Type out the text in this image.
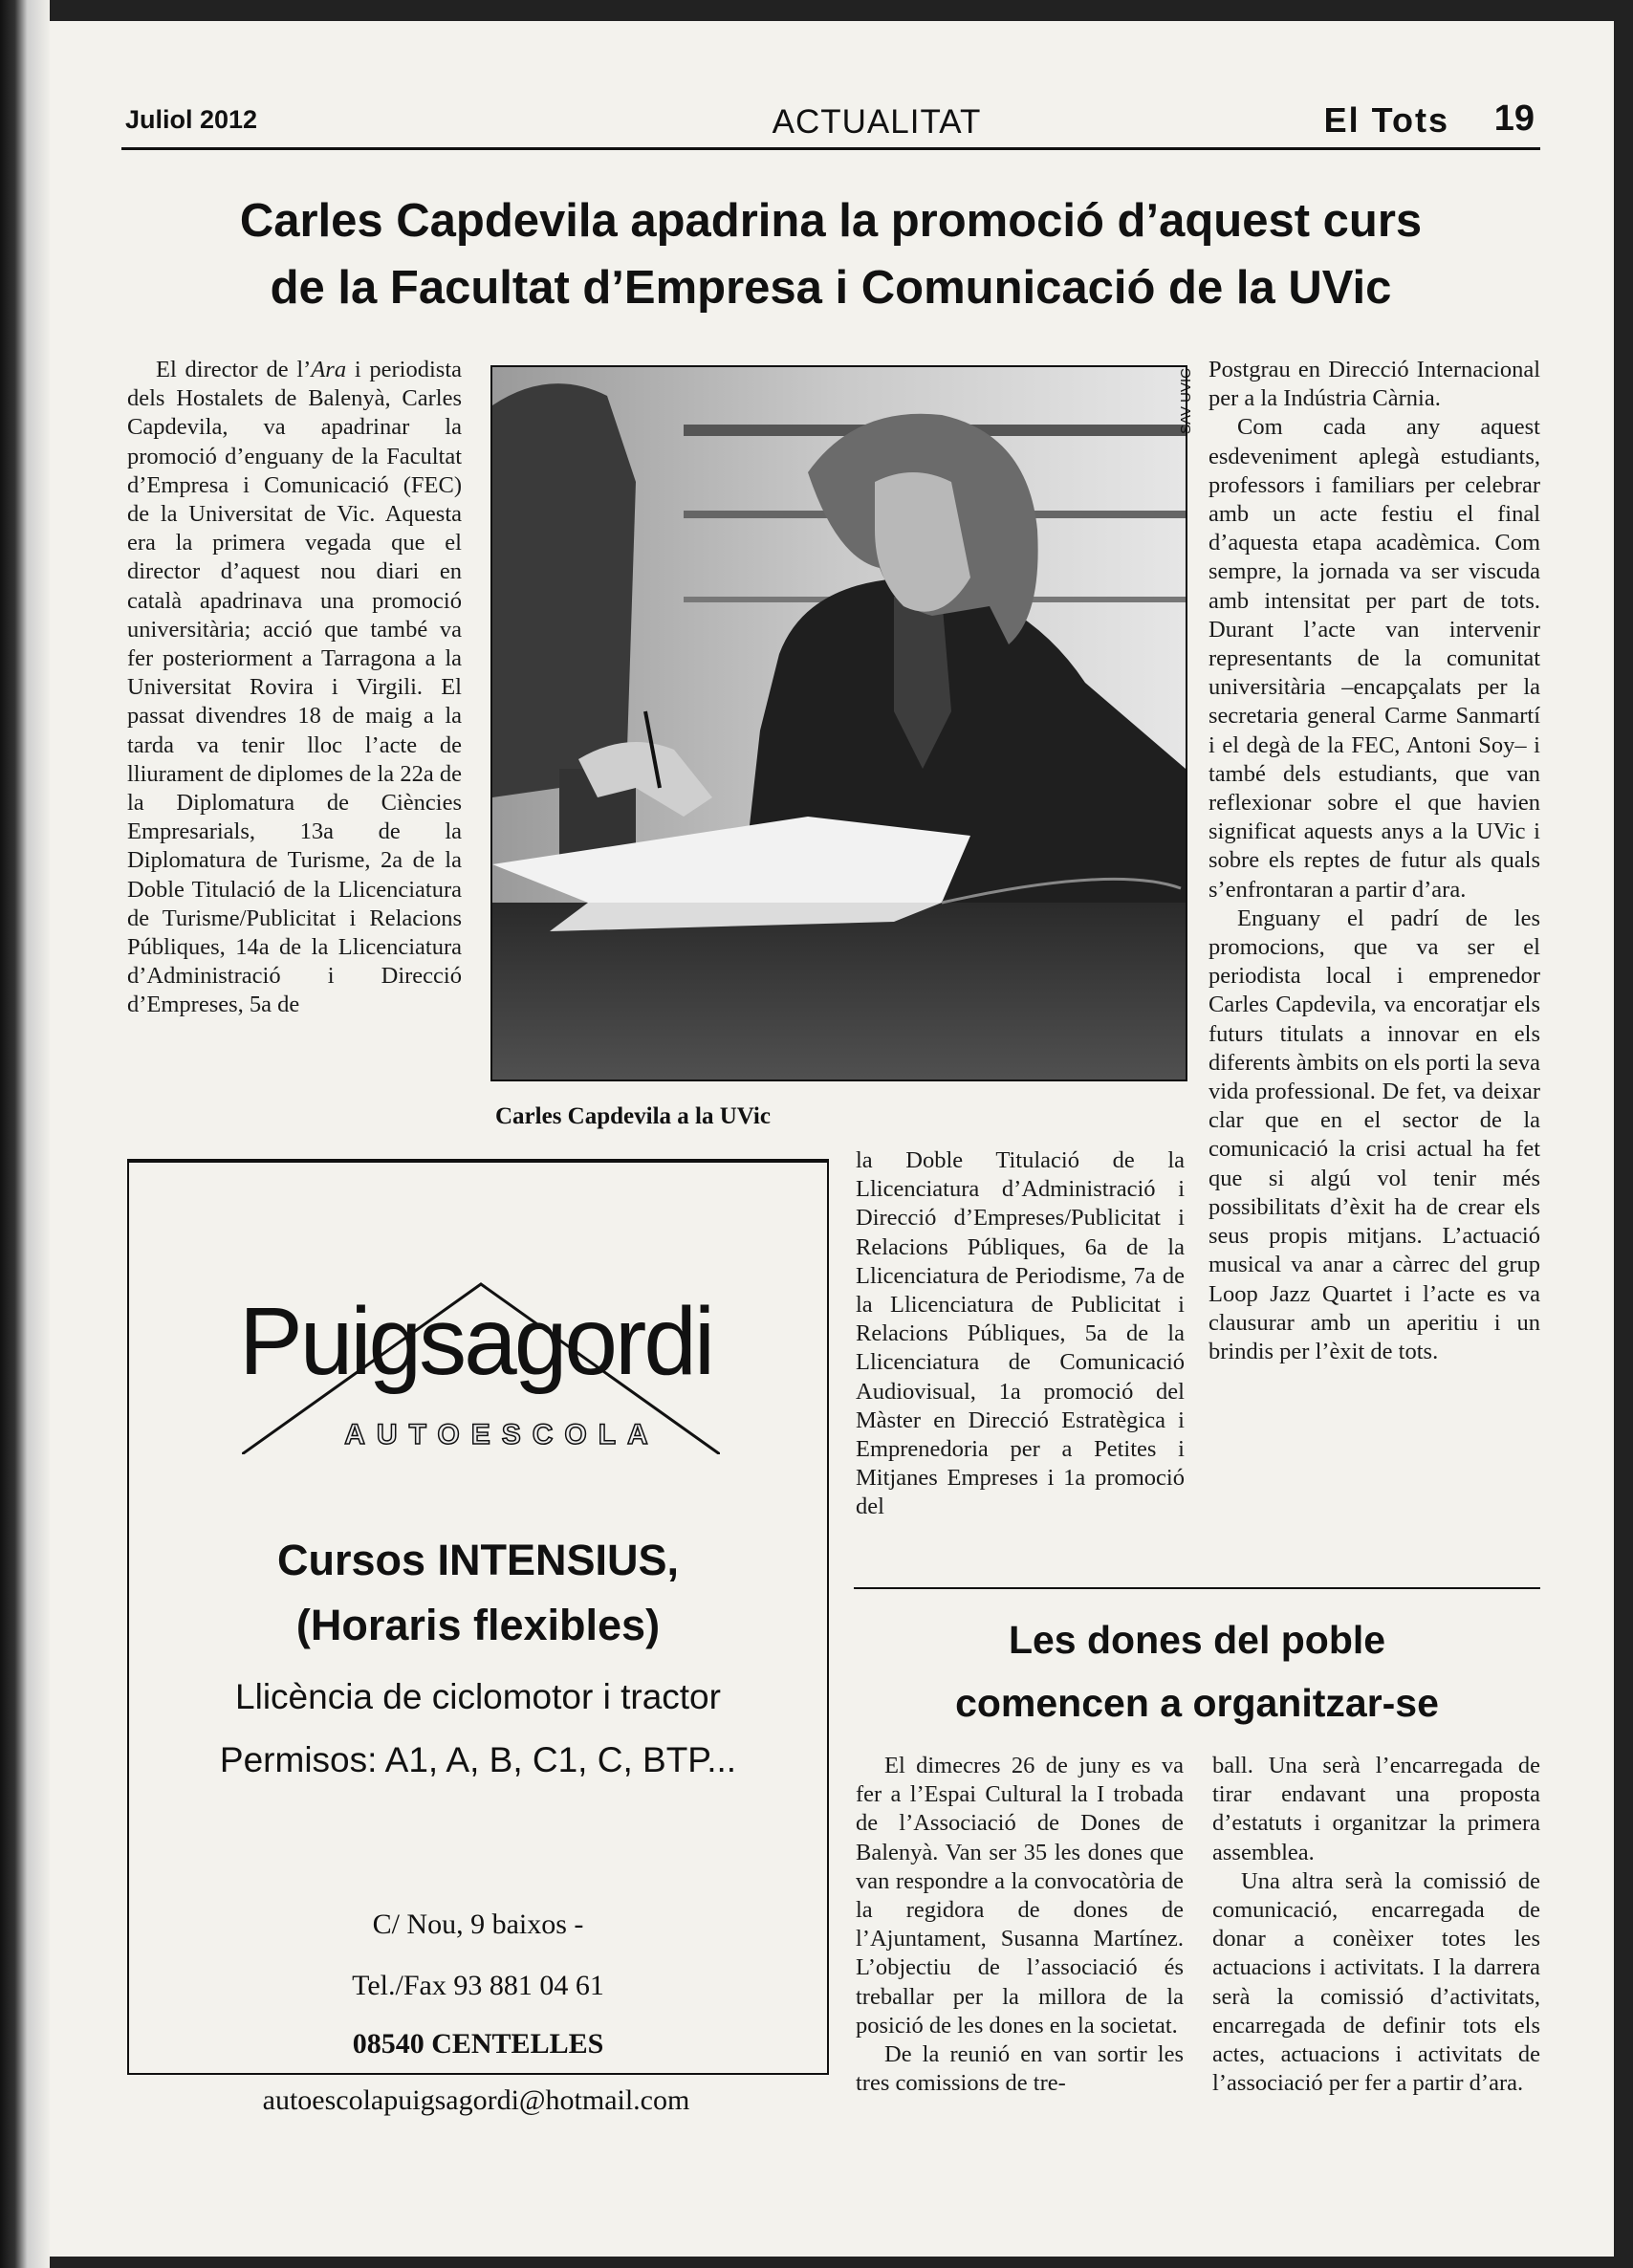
Juliol 2012	ACTUALITAT	El Tots 19
Carles Capdevila apadrina la promoció d’aquest curs
de la Facultat d’Empresa i Comunicació de la UVic

El director de l’Ara i periodista dels Hostalets de Balenyà, Carles Capdevila, va apadrinar la promoció d’enguany de la Facultat d’Empresa i Comunicació (FEC) de la Universitat de Vic. Aquesta era la primera vegada que el director d’aquest nou diari en català apadrinava una promoció universitària; acció que també va fer posteriorment a Tarragona a la Universitat Rovira i Virgili. El passat divendres 18 de maig a la tarda va tenir lloc l’acte de lliurament de diplomes de la 22a de la Diplomatura de Ciències Empresarials, 13a de la Diplomatura de Turisme, 2a de la Doble Titulació de la Llicenciatura de Turisme/Publicitat i Relacions Públiques, 14a de la Llicenciatura d’Administració i Direcció d’Empreses, 5a de

SAV UVIC
Carles Capdevila a la UVic

la Doble Titulació de la Llicenciatura d’Administració i Direcció d’Empreses/Publicitat i Relacions Públiques, 6a de la Llicenciatura de Periodisme, 7a de la Llicenciatura de Publicitat i Relacions Públiques, 5a de la Llicenciatura de Comunicació Audiovisual, 1a promoció del Màster en Direcció Estratègica i Emprenedoria per a Petites i Mitjanes Empreses i 1a promoció del

Postgrau en Direcció Internacional per a la Indústria Càrnia.

Com cada any aquest esdeveniment aplegà estudiants, professors i familiars per celebrar amb un acte festiu el final d’aquesta etapa acadèmica. Com sempre, la jornada va ser viscuda amb intensitat per part de tots. Durant l’acte van intervenir representants de la comunitat universitària –encapçalats per la secretaria general Carme Sanmartí i el degà de la FEC, Antoni Soy– i també dels estudiants, que van reflexionar sobre el que havien significat aquests anys a la UVic i sobre els reptes de futur als quals s’enfrontaran a partir d’ara.

Enguany el padrí de les promocions, que va ser el periodista local i emprenedor Carles Capdevila, va encoratjar els futurs titulats a innovar en els diferents àmbits on els porti la seva vida professional. De fet, va deixar clar que en el sector de la comunicació la crisi actual ha fet que si algú vol tenir més possibilitats d’èxit ha de crear els seus propis mitjans. L’actuació musical va anar a càrrec del grup Loop Jazz Quartet i l’acte es va clausurar amb un aperitiu i un brindis per l’èxit de tots.

Puigsagordi
AUTOESCOLA
Cursos INTENSIUS,
(Horaris flexibles)
Llicència de ciclomotor i tractor
Permisos: A1, A, B, C1, C, BTP...
C/ Nou, 9 baixos -
Tel./Fax 93 881 04 61
08540 CENTELLES
autoescolapuigsagordi@hotmail.com
Les dones del poble
comencen a organitzar-se

El dimecres 26 de juny es va fer a l’Espai Cultural la I trobada de l’Associació de Dones de Balenyà. Van ser 35 les dones que van respondre a la convocatòria de la regidora de dones de l’Ajuntament, Susanna Martínez. L’objectiu de l’associació és treballar per la millora de la posició de les dones en la societat.

De la reunió en van sortir les tres comissions de tre-

ball. Una serà l’encarregada de tirar endavant una proposta d’estatuts i organitzar la primera assemblea.

Una altra serà la comissió de comunicació, encarregada de donar a conèixer totes les actuacions i activitats. I la darrera serà la comissió d’activitats, encarregada de definir tots els actes, actuacions i activitats de l’associació per fer a partir d’ara.
